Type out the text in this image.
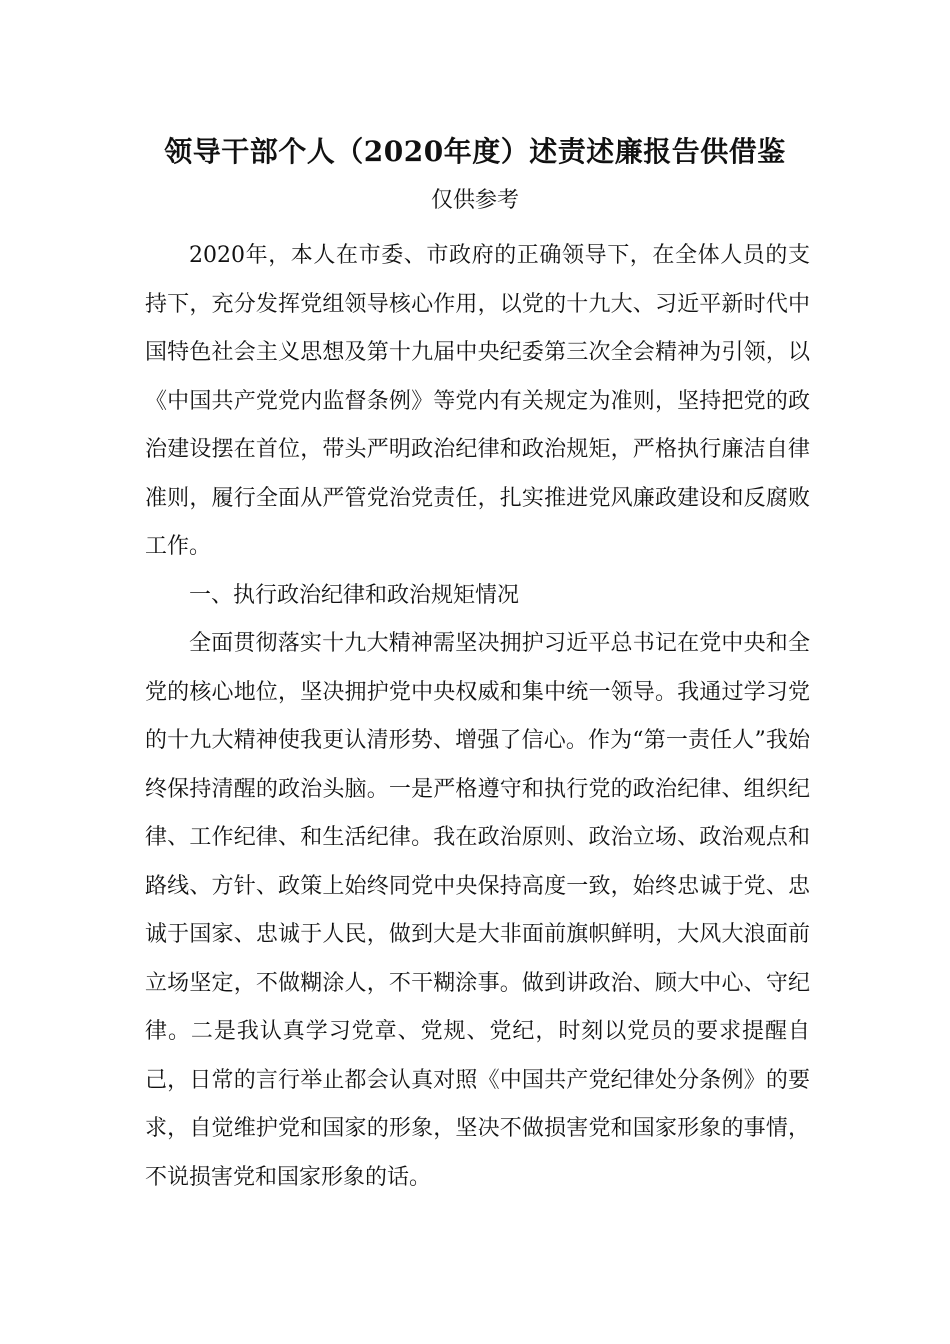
领导干部个人（2020年度）述责述廉报告供借鉴
仅供参考

2020年，本人在市委、市政府的正确领导下，在全体人员的支持下，充分发挥党组领导核心作用，以党的十九大、习近平新时代中国特色社会主义思想及第十九届中央纪委第三次全会精神为引领，以《中国共产党党内监督条例》等党内有关规定为准则，坚持把党的政治建设摆在首位，带头严明政治纪律和政治规矩，严格执行廉洁自律准则，履行全面从严管党治党责任，扎实推进党风廉政建设和反腐败工作。

一、执行政治纪律和政治规矩情况

全面贯彻落实十九大精神需坚决拥护习近平总书记在党中央和全党的核心地位，坚决拥护党中央权威和集中统一领导。我通过学习党的十九大精神使我更认清形势、增强了信心。作为“第一责任人”我始终保持清醒的政治头脑。一是严格遵守和执行党的政治纪律、组织纪律、工作纪律、和生活纪律。我在政治原则、政治立场、政治观点和路线、方针、政策上始终同党中央保持高度一致，始终忠诚于党、忠诚于国家、忠诚于人民，做到大是大非面前旗帜鲜明，大风大浪面前立场坚定，不做糊涂人，不干糊涂事。做到讲政治、顾大中心、守纪律。二是我认真学习党章、党规、党纪，时刻以党员的要求提醒自己，日常的言行举止都会认真对照《中国共产党纪律处分条例》的要求，自觉维护党和国家的形象，坚决不做损害党和国家形象的事情，不说损害党和国家形象的话。
